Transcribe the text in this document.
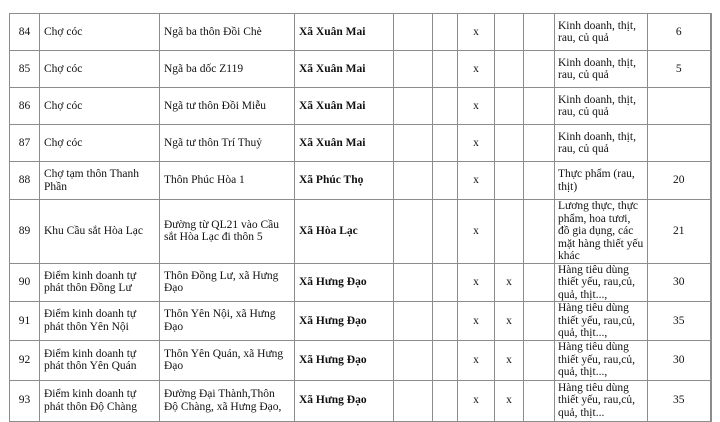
84	Chợ cóc	Ngã ba thôn Đồi Chè	Xã Xuân Mai			x			Kinh doanh, thịt, rau, củ quả	6
85	Chợ cóc	Ngã ba dốc Z119	Xã Xuân Mai			x			Kinh doanh, thịt, rau, củ quả	5
86	Chợ cóc	Ngã tư thôn Đồi Miễu	Xã Xuân Mai			x			Kinh doanh, thịt, rau, củ quả	
87	Chợ cóc	Ngã tư thôn Trí Thuỷ	Xã Xuân Mai			x			Kinh doanh, thịt, rau, củ quả	
88	Chợ tạm thôn Thanh Phần	Thôn Phúc Hòa 1	Xã Phúc Thọ			x			Thực phẩm (rau, thịt)	20
89	Khu Cầu sắt Hòa Lạc	Đường từ QL21 vào Cầu sắt Hòa Lạc đi thôn 5	Xã Hòa Lạc			x			Lương thực, thực phẩm, hoa tươi, đồ gia dụng, các mặt hàng thiết yếu khác	21
90	Điểm kinh doanh tự phát thôn Đồng Lư	Thôn Đồng Lư, xã Hưng Đạo	Xã Hưng Đạo			x	x		Hàng tiêu dùng thiết yếu, rau,củ, quả, thịt...,	30
91	Điểm kinh doanh tự phát thôn Yên Nội	Thôn Yên Nội, xã Hưng Đạo	Xã Hưng Đạo			x	x		Hàng tiêu dùng thiết yếu, rau,củ, quả, thịt...,	35
92	Điểm kinh doanh tự phát thôn Yên Quán	Thôn Yên Quán, xã Hưng Đạo	Xã Hưng Đạo			x	x		Hàng tiêu dùng thiết yếu, rau,củ, quả, thịt...,	30
93	Điểm kinh doanh tự phát thôn Độ Chàng	Đường Đại Thành,Thôn Độ Chàng, xã Hưng Đạo,	Xã Hưng Đạo			x	x		Hàng tiêu dùng thiết yếu, rau,củ, quả, thịt...	35
